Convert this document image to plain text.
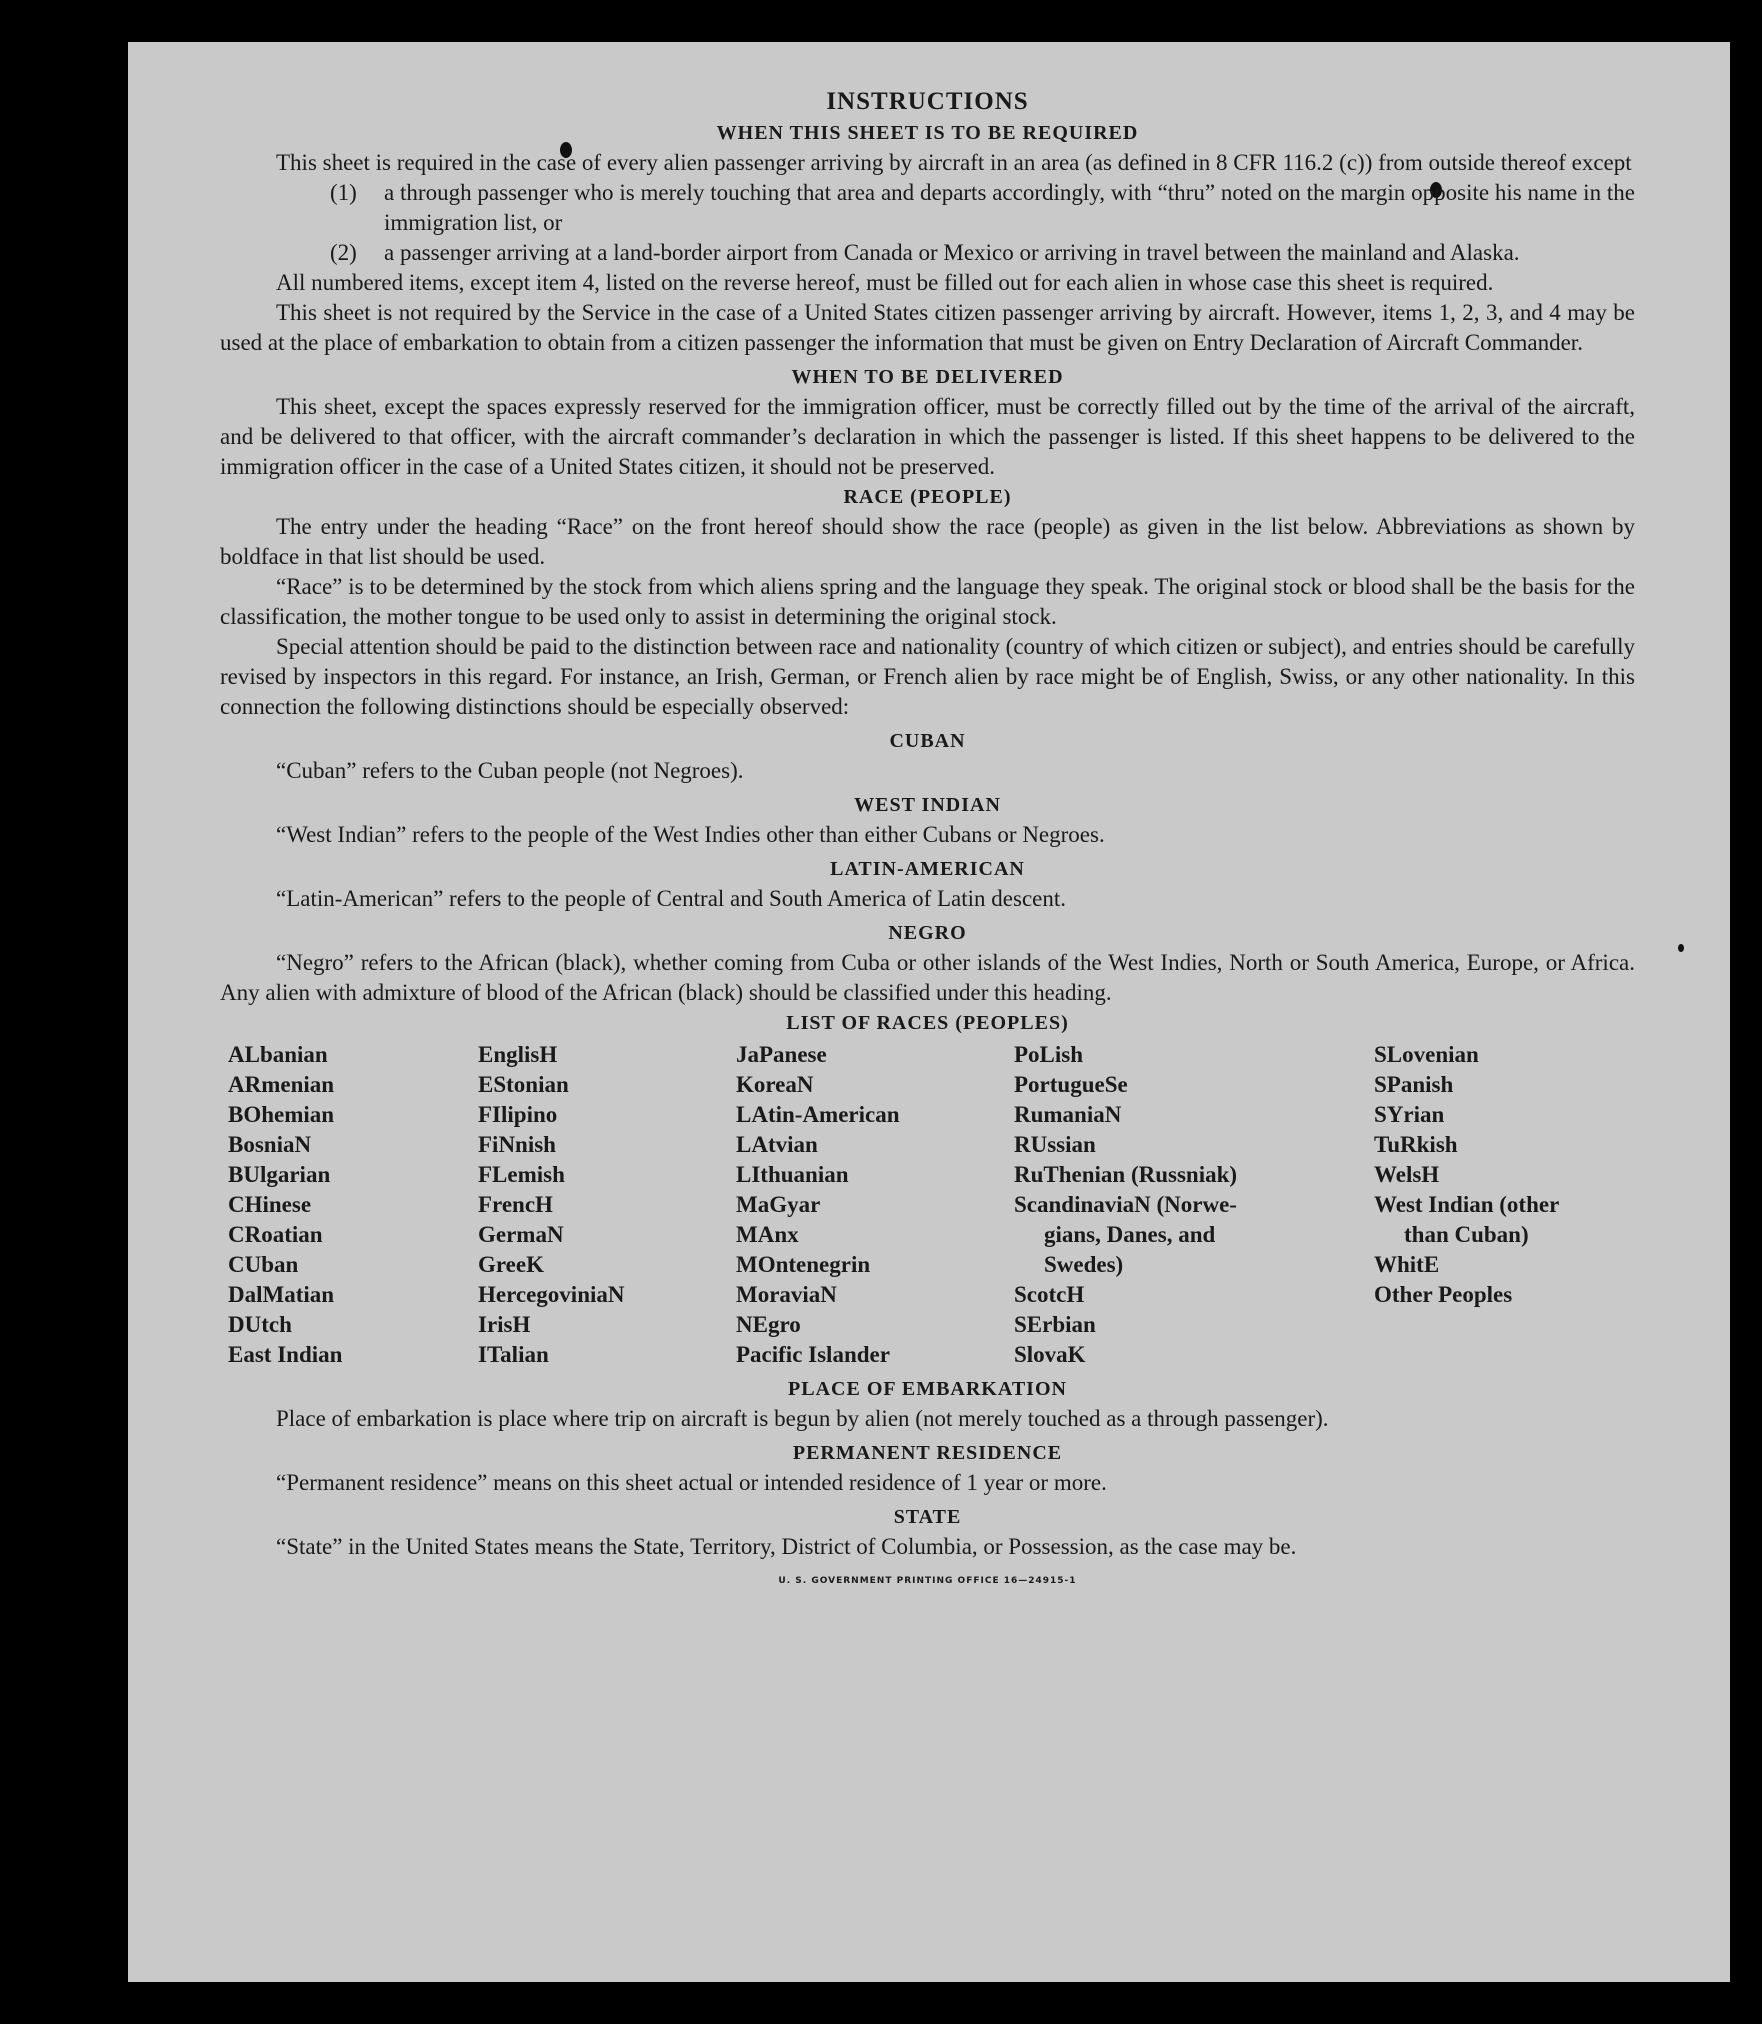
INSTRUCTIONS
WHEN THIS SHEET IS TO BE REQUIRED

This sheet is required in the case of every alien passenger arriving by aircraft in an area (as defined in 8 CFR 116.2 (c)) from outside thereof except

(1)	a through passenger who is merely touching that area and departs accordingly, with “thru” noted on the margin opposite his name in the immigration list, or
(2)	a passenger arriving at a land-border airport from Canada or Mexico or arriving in travel between the mainland and Alaska.

All numbered items, except item 4, listed on the reverse hereof, must be filled out for each alien in whose case this sheet is required.

This sheet is not required by the Service in the case of a United States citizen passenger arriving by aircraft. However, items 1, 2, 3, and 4 may be used at the place of embarkation to obtain from a citizen passenger the information that must be given on Entry Declaration of Aircraft Commander.

WHEN TO BE DELIVERED

This sheet, except the spaces expressly reserved for the immigration officer, must be correctly filled out by the time of the arrival of the aircraft, and be delivered to that officer, with the aircraft commander’s declaration in which the passenger is listed. If this sheet happens to be delivered to the immigration officer in the case of a United States citizen, it should not be preserved.

RACE (PEOPLE)

The entry under the heading “Race” on the front hereof should show the race (people) as given in the list below. Abbreviations as shown by boldface in that list should be used.

“Race” is to be determined by the stock from which aliens spring and the language they speak. The original stock or blood shall be the basis for the classification, the mother tongue to be used only to assist in determining the original stock.

Special attention should be paid to the distinction between race and nationality (country of which citizen or subject), and entries should be carefully revised by inspectors in this regard. For instance, an Irish, German, or French alien by race might be of English, Swiss, or any other nationality. In this connection the following distinctions should be especially observed:

CUBAN

“Cuban” refers to the Cuban people (not Negroes).

WEST INDIAN

“West Indian” refers to the people of the West Indies other than either Cubans or Negroes.

LATIN-AMERICAN

“Latin-American” refers to the people of Central and South America of Latin descent.

NEGRO

“Negro” refers to the African (black), whether coming from Cuba or other islands of the West Indies, North or South America, Europe, or Africa. Any alien with admixture of blood of the African (black) should be classified under this heading.

LIST OF RACES (PEOPLES)
ALbanian
ARmenian
BOhemian
BosniaN
BUlgarian
CHinese
CRoatian
CUban
DalMatian
DUtch
East Indian
EnglisH
EStonian
FIlipino
FiNnish
FLemish
FrencH
GermaN
GreeK
HercegoviniaN
IrisH
ITalian
JaPanese
KoreaN
LAtin-American
LAtvian
LIthuanian
MaGyar
MAnx
MOntenegrin
MoraviaN
NEgro
Pacific Islander
PoLish
PortugueSe
RumaniaN
RUssian
RuThenian (Russniak)
ScandinaviaN (Norwe-
gians, Danes, and
Swedes)
ScotcH
SErbian
SlovaK
SLovenian
SPanish
SYrian
TuRkish
WelsH
West Indian (other
than Cuban)
WhitE
Other Peoples
PLACE OF EMBARKATION

Place of embarkation is place where trip on aircraft is begun by alien (not merely touched as a through passenger).

PERMANENT RESIDENCE

“Permanent residence” means on this sheet actual or intended residence of 1 year or more.

STATE

“State” in the United States means the State, Territory, District of Columbia, or Possession, as the case may be.

U. S. GOVERNMENT PRINTING OFFICE 16—24915-1
